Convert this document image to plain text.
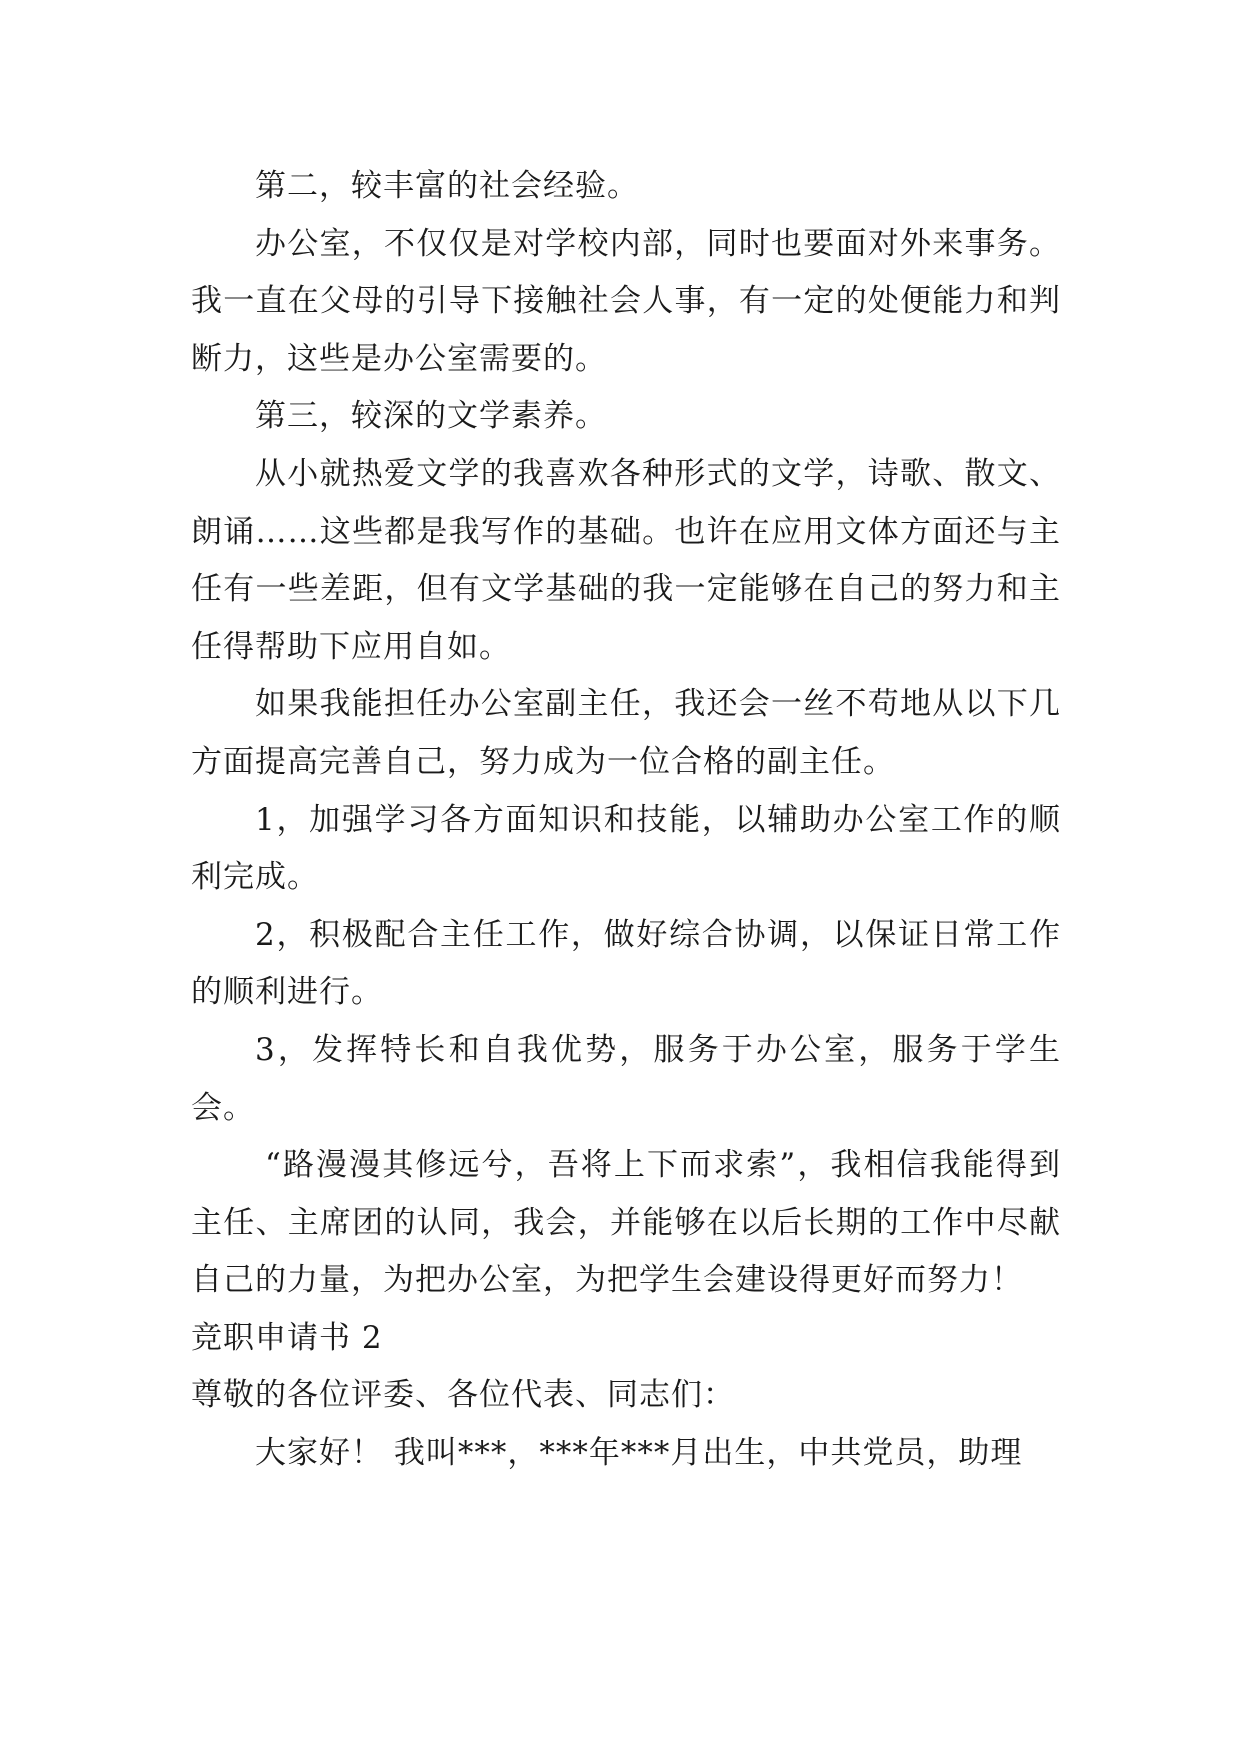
第二，较丰富的社会经验。

办公室，不仅仅是对学校内部，同时也要面对外来事务。我一直在父母的引导下接触社会人事，有一定的处便能力和判断力，这些是办公室需要的。

第三，较深的文学素养。

从小就热爱文学的我喜欢各种形式的文学，诗歌、散文、朗诵……这些都是我写作的基础。也许在应用文体方面还与主任有一些差距，但有文学基础的我一定能够在自己的努力和主任得帮助下应用自如。

如果我能担任办公室副主任，我还会一丝不苟地从以下几方面提高完善自己，努力成为一位合格的副主任。

1，加强学习各方面知识和技能，以辅助办公室工作的顺利完成。

2，积极配合主任工作，做好综合协调，以保证日常工作的顺利进行。

3，发挥特长和自我优势，服务于办公室，服务于学生会。

“路漫漫其修远兮，吾将上下而求索”，我相信我能得到主任、主席团的认同，我会，并能够在以后长期的工作中尽献自己的力量，为把办公室，为把学生会建设得更好而努力！

竞职申请书 2

尊敬的各位评委、各位代表、同志们：

大家好！ 我叫***，***年***月出生，中共党员，助理
